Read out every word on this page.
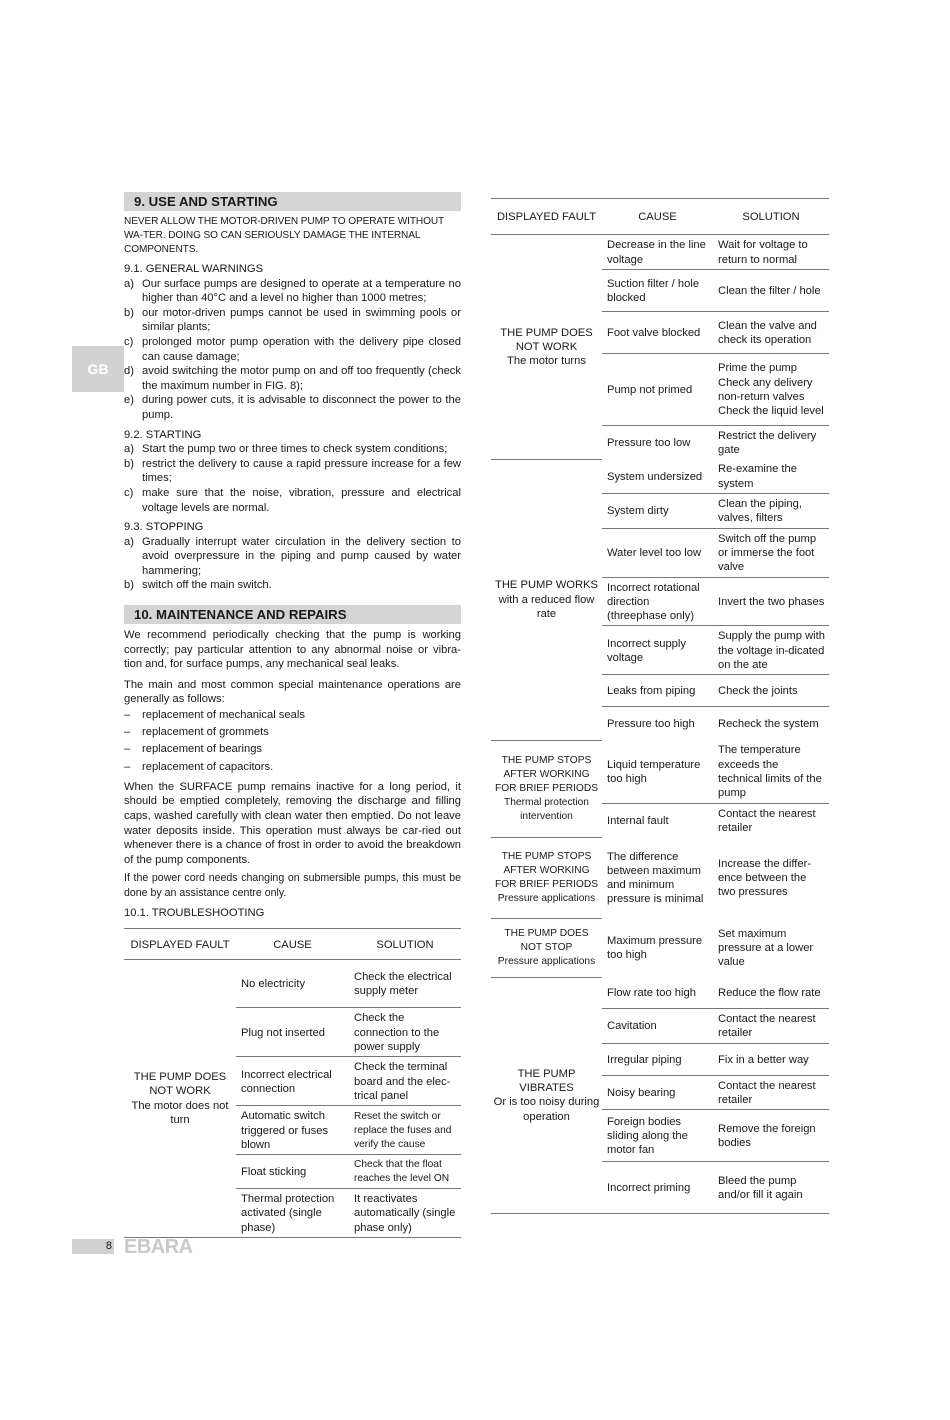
GB
9. USE AND STARTING

NEVER ALLOW THE MOTOR-DRIVEN PUMP TO OPERATE WITHOUT WA-TER. DOING SO CAN SERIOUSLY DAMAGE THE INTERNAL COMPONENTS.

9.1. GENERAL WARNINGS

a) Our surface pumps are designed to operate at a temperature no higher than 40°C and a level no higher than 1000 metres;
b) our motor-driven pumps cannot be used in swimming pools or similar plants;
c) prolonged motor pump operation with the delivery pipe closed can cause damage;
d) avoid switching the motor pump on and off too frequently (check the maximum number in FIG. 8);
e) during power cuts, it is advisable to disconnect the power to the pump.

9.2. STARTING

a) Start the pump two or three times to check system conditions;
b) restrict the delivery to cause a rapid pressure increase for a few times;
c) make sure that the noise, vibration, pressure and electrical voltage levels are normal.

9.3. STOPPING

a) Gradually interrupt water circulation in the delivery section to avoid overpressure in the piping and pump caused by water hammering;
b) switch off the main switch.
10. MAINTENANCE AND REPAIRS

We recommend periodically checking that the pump is working correctly; pay particular attention to any abnormal noise or vibra-tion and, for surface pumps, any mechanical seal leaks.

The main and most common special maintenance operations are generally as follows:

– replacement of mechanical seals
– replacement of grommets
– replacement of bearings
– replacement of capacitors.

When the SURFACE pump remains inactive for a long period, it should be emptied completely, removing the discharge and filling caps, washed carefully with clean water then emptied. Do not leave water deposits inside. This operation must always be car-ried out whenever there is a chance of frost in order to avoid the breakdown of the pump components.

If the power cord needs changing on submersible pumps, this must be done by an assistance centre only.

10.1. TROUBLESHOOTING

DISPLAYED FAULT	CAUSE	SOLUTION

THE PUMP DOES NOT WORK
The motor does not turn	No electricity	Check the electrical supply meter
	Plug not inserted	Check the connection to the power supply
	Incorrect electrical connection	Check the terminal board and the elec-trical panel
	Automatic switch triggered or fuses blown	Reset the switch or replace the fuses and verify the cause
	Float sticking	Check that the float reaches the level ON
	Thermal protection activated (single phase)	It reactivates automatically (single phase only)
DISPLAYED FAULT	CAUSE	SOLUTION

THE PUMP DOES NOT WORK
The motor turns	Decrease in the line voltage	Wait for voltage to return to normal
	Suction filter / hole blocked	Clean the filter / hole
	Foot valve blocked	Clean the valve and check its operation
	Pump not primed	Prime the pump Check any delivery non-return valves Check the liquid level
	Pressure too low	Restrict the delivery gate

THE PUMP WORKS
with a reduced flow rate	System undersized	Re-examine the system
	System dirty	Clean the piping, valves, filters
	Water level too low	Switch off the pump or immerse the foot valve
	Incorrect rotational direction (threephase only)	Invert the two phases
	Incorrect supply voltage	Supply the pump with the voltage in-dicated on the ate
	Leaks from piping	Check the joints
	Pressure too high	Recheck the system

THE PUMP STOPS AFTER WORKING FOR BRIEF PERIODS
Thermal protection intervention	Liquid temperature too high	The temperature exceeds the technical limits of the pump
	Internal fault	Contact the nearest retailer

THE PUMP STOPS AFTER WORKING FOR BRIEF PERIODS
Pressure applications	The difference between maximum and minimum pressure is minimal	Increase the differ-ence between the two pressures

THE PUMP DOES NOT STOP
Pressure applications	Maximum pressure too high	Set maximum pressure at a lower value

THE PUMP VIBRATES
Or is too noisy during operation	Flow rate too high	Reduce the flow rate
	Cavitation	Contact the nearest retailer
	Irregular piping	Fix in a better way
	Noisy bearing	Contact the nearest retailer
	Foreign bodies sliding along the motor fan	Remove the foreign bodies
	Incorrect priming	Bleed the pump and/or fill it again
8 EBARA
